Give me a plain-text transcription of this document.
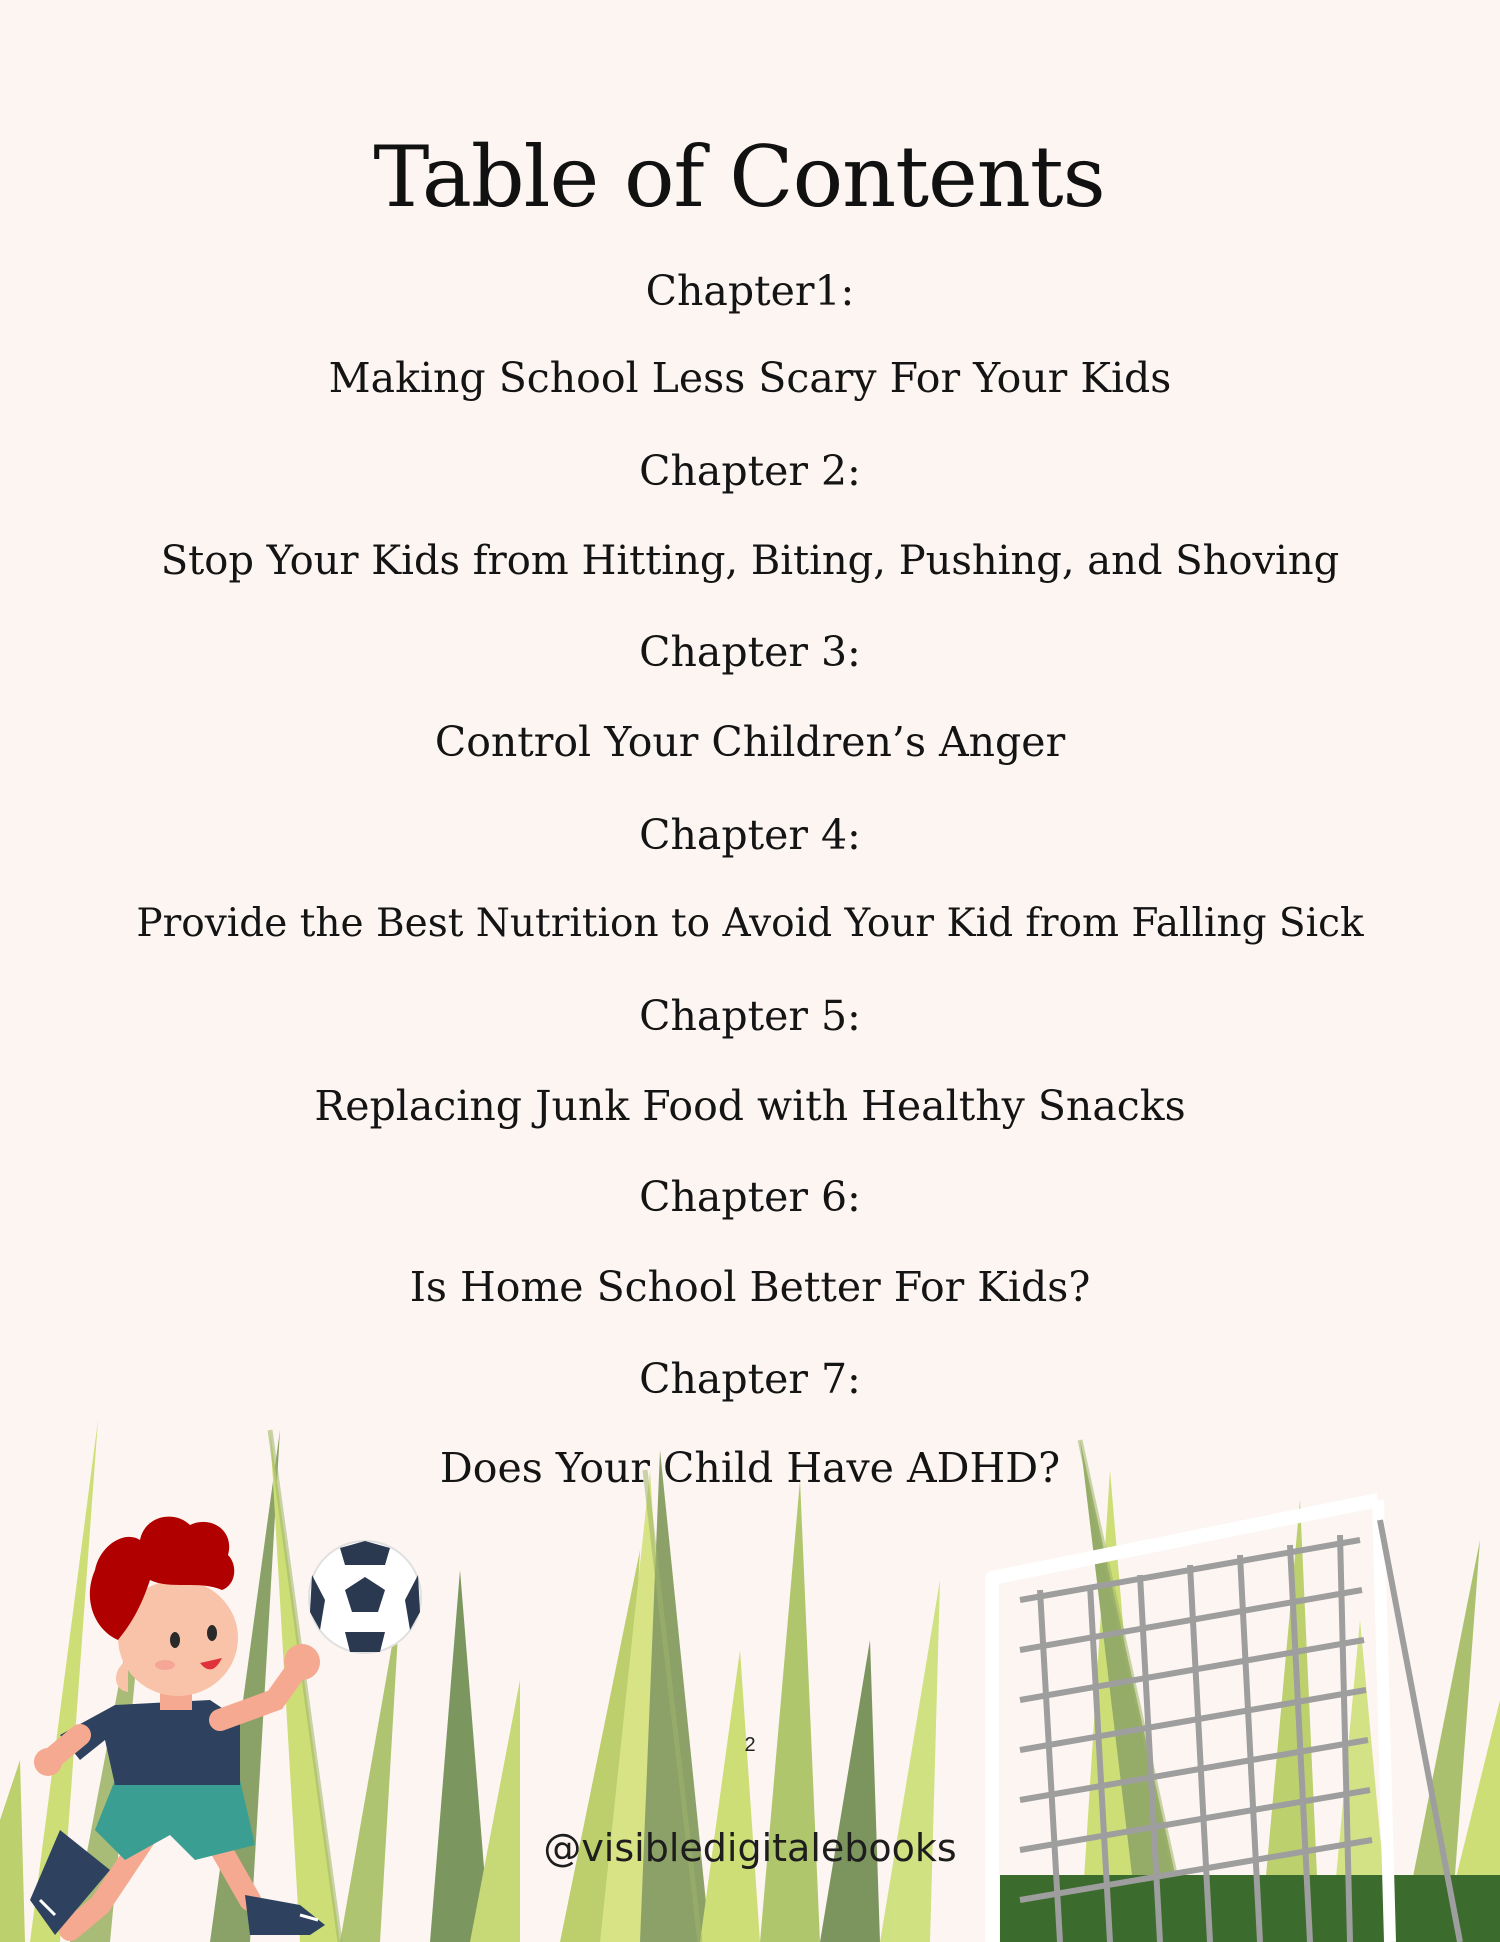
Table of Contents
Chapter1:
Making School Less Scary For Your Kids
Chapter 2:
Stop Your Kids from Hitting, Biting, Pushing, and Shoving
Chapter 3:
Control Your Children’s Anger
Chapter 4:
Provide the Best Nutrition to Avoid Your Kid from Falling Sick
Chapter 5:
Replacing Junk Food with Healthy Snacks
Chapter 6:
Is Home School Better For Kids?
Chapter 7:
Does Your Child Have ADHD?
2
@visibledigitalebooks
